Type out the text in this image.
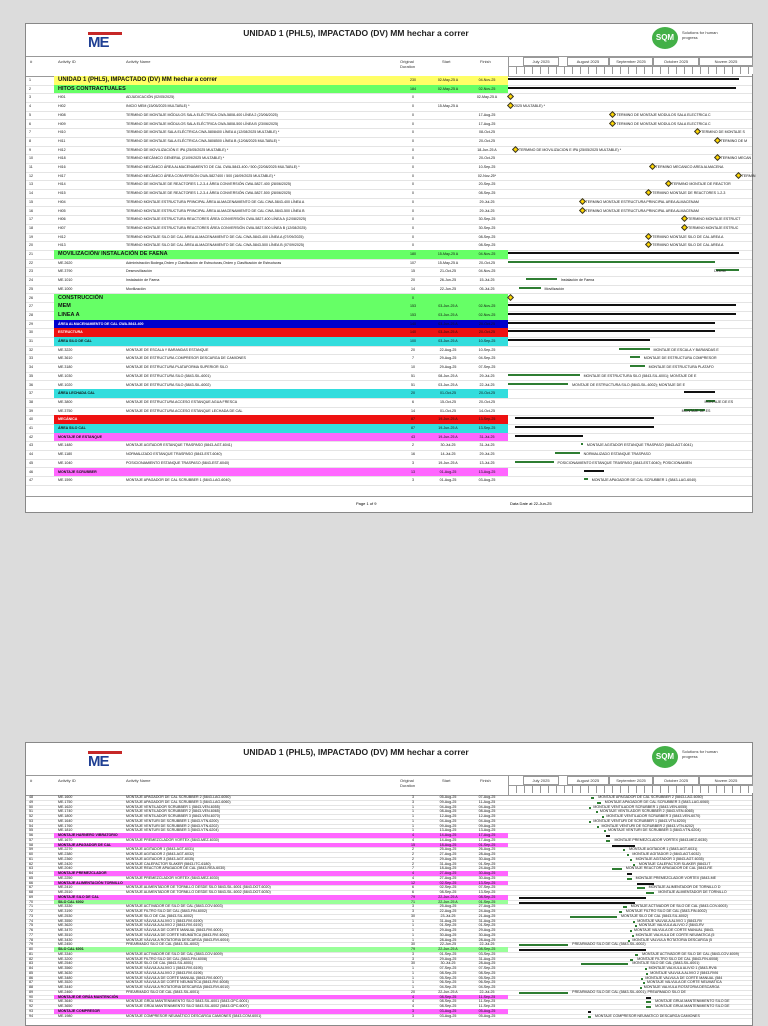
ME
UNIDAD 1 (PHL5), IMPACTADO (DV) MM hechar a correr	SQM
Solutions for human progress
#	Activity ID	Activity Name	Original Duration
Start	Finish	July 2025	August 2025	September 2025	October 2025	Novem 2025
1	UNIDAD 1 (PHL5), IMPACTADO (DV) MM hechar a correr	230	02-May-25 A	04-Nov-25
2	HITOS CONTRACTUALES	184	02-May-25 A	02-Nov-25
3	HI01	ADJUDICACIÓN (02/05/2025)	0	02-May-25 A
4	HI02	INICIO MEM (15/05/2025 MULTABLE) *	0	15-May-25 A	2025 MULTABLE) *
5	HI08	TERMINO DE MONTAJE MÓDULOS SALA ELÉCTRICA CWA-5808-400 LÍNEA 2 (23/06/2025)	0	17-Aug-25	TERMINO DE MONTAJE MODULOS SALA ELECTRICA C
6	HI09	TERMINO DE MONTAJE MÓDULOS SALA ELÉCTRICA CWA-5808-500 LÍNEA B (23/06/2025)	0	17-Aug-25	TERMINO DE MONTAJE MODULOS SALA ELECTRICA C
7	HI10	TERMINO DE MONTAJE SALA ELÉCTRICA CWA-5808400 LÍNEA A (12/08/2025 MULTABLE) *	0	08-Oct-25	TERMINO DE MONTAJE S
8	HI11	TERMINO DE MONTAJE SALA ELÉCTRICA CWA-5808500 LÍNEA B (12/08/2025 MULTABLE) *	0	20-Oct-25	TERMINO DE M
9	HI12	TERMINO DE MOVILIZACIÓN E IPA (25/05/2025 MULTABLE) *	0	18-Jun-25 A	TERMINO DE MOVILIZACION E IPA (25/05/2025 MULTABLE) *
10	HI18	TERMINO MECÁNICO GENERAL (21/09/2025 MULTABLE) *	0	20-Oct-25	TERMINO MECAN
11	HI16	TERMINO MECÁNICO ÁREA ALMACENAMIENTO DE CAL CWA-5843-400 / 500 (22/08/2025 MULTABLE) *	0	10-Sep-25	TERMINO MECANICO AREA ALMACENA
12	HI17	TERMINO MECÁNICO ÁREA CONVERSIÓN CWA-5827400 / 500 (16/09/2025 MULTABLE) *	0	02-Nov-25*	TERMIN
13	HI14	TERMINO DE MONTAJE DE REACTORES 1-2-3-4 ÁREA CONVERSIÓN CWA-5827-400 (28/06/2025)	0	20-Sep-25	TERMINO MONTAJE DE REACTOR
14	HI15	TERMINO DE MONTAJE DE REACTORES 1-2-3-4 ÁREA CONVERSIÓN CWA-5827-500 (28/06/2025)	0	08-Sep-25	TERMINO MONTAJE DE REACTORES 1-2-3
15	HI04	TERMINO MONTAJE ESTRUCTURA PRINCIPAL ÁREA ALMACENAMIENTO DE CAL CWA-5843-400 LÍNEA A	0	29-Jul-25	TERMINO MONTAJE ESTRUCTURA PRINCIPAL AREA ALMACENAM
16	HI05	TERMINO MONTAJE ESTRUCTURA PRINCIPAL ÁREA ALMACENAMIENTO DE CAL CWA-5843-500 LÍNEA B	0	29-Jul-25	TERMINO MONTAJE ESTRUCTURA PRINCIPAL AREA ALMACENAM
17	HI06	TERMINO MONTAJE ESTRUCTURA REACTORES ÁREA CONVERSIÓN CWA-5827-400 LÍNEA A (12/08/2025)	0	30-Sep-25	TERMINO MONTAJE ESTRUCT
18	HI07	TERMINO MONTAJE ESTRUCTURA REACTORES ÁREA CONVERSIÓN CWA-5827-500 LÍNEA B (12/08/2025)	0	30-Sep-25	TERMINO MONTAJE ESTRUC
19	HI12	TERMINO MONTAJE SILO DE CAL ÁREA ALMACENAMIENTO DE CAL CWA-5843-400 LÍNEA A (07/09/2025)	0	08-Sep-25	TERMINO MONTAJE SILO DE CAL AREA A
20	HI13	TERMINO MONTAJE SILO DE CAL ÁREA ALMACENAMIENTO DE CAL CWA-5843-500 LÍNEA B (07/09/2025)	0	08-Sep-25	TERMINO MONTAJE SILO DE CAL AREA A
21	MOVILIZACIÓN/ INSTALACIÓN DE FAENA	180	15-May-25 A	04-Nov-25
22	ME.2620	Administración Bodega,Orden y Clasificación de Estructuras,Orden y Clasificación de Estructuras	107	15-May-25 A	20-Oct-25
23	ME.3790	Desmovilización	15	21-Oct-25	04-Nov-25	Desmo
24	ME.1010	Instalación de Faena	20	26-Jun-25	15-Jul-25	Instalación de Faena
25	ME.1000	Movilización	14	22-Jun-25	05-Jul-25	Movilización
26	CONSTRUCCIÓN	0
27	MEM	153	03-Jun-25 A	02-Nov-25
28	LINEA A	153	03-Jun-25 A	02-Nov-25
29	ÁREA ALMACENAMIENTO DE CAL CWA-5843-400	140	03-Jun-25 A	20-Oct-25
30	ESTRUCTURA	140	03-Jun-25 A	20-Oct-25
31	ÁREA SILO DE CAL	100	03-Jun-25 A	10-Sep-25
32	ME.3220	MONTAJE DE ESCALA Y BARANDAS ESTANQUE	20	22-Aug-25	10-Sep-25	MONTAJE DE ESCALA Y BARANDAS E
33	ME.3610	MONTAJE DE ESTRUCTURA COMPRESOR DESCARGA DE CAMIONES	7	29-Aug-25	04-Sep-25	MONTAJE DE ESTRUCTURA COMPRESOR
34	ME.3180	MONTAJE DE ESTRUCTURA PLATAFORMA SUPERIOR SILO	10	29-Aug-25	07-Sep-25	MONTAJE DE ESTRUCTURA PLATAFO
35	ME.1030	MONTAJE DE ESTRUCTURA SILO (5843-SIL-6001)	51	08-Jun-25 A	29-Jul-25	MONTAJE DE ESTRUCTURA SILO (5843-SIL-6001); MONTAJE DE E
36	ME.1020	MONTAJE DE ESTRUCTURA SILO (5843-SIL-6002)	51	03-Jun-25 A	22-Jul-25	MONTAJE DE ESTRUCTURA SILO (5843-SIL-6002); MONTAJE DE E
37	ÁREA LECHADA CAL	20	01-Oct-25	20-Oct-25
38	ME.3800	MONTAJE DE ESTRUCTURA ACCESO ESTANQUE AGUA FRESCA	6	15-Oct-25	20-Oct-25	MONTAJE DE ES
39	ME.3750	MONTAJE DE ESTRUCTURA ACCESO ESTANQUE LECHADA DE CAL	14	01-Oct-25	14-Oct-25	MONTAJE DE ES
40	MECÁNICA	87	19-Jun-25 A	13-Sep-25
41	ÁREA SILO CAL	87	19-Jun-25 A	13-Sep-25
42	MONTAJE DE ESTANQUE	43	19-Jun-25 A	31-Jul-25
43	ME.1480	MONTAJE AGITADOR ESTANQUE TRASPASO (5843-AGT-6041)	2	30-Jul-25	31-Jul-25	MONTAJE AGITADOR ESTANQUE TRASPASO (5843-AGT-6041)
44	ME.1180	NORMALIZADO ESTANQUE TRASPASO (5843-EST-6040)	16	14-Jul-25	29-Jul-25	NORMALIZADO ESTANQUE TRASPASO
45	ME.1040	POSICIONAMIENTO ESTANQUE TRASPASO (5843-EST-6040)	3	19-Jun-25 A	13-Jul-25	POSICIONAMIENTO ESTANQUE TRASPASO (5843-EST-6040); POSICIONAMIEN
46	MONTAJE SCRUBBER	13	01-Aug-25	13-Aug-25
47	ME.1590	MONTAJE APAGADOR DE CAL SCRUBBER 1 (5843-LAG-6040)	3	01-Aug-25	03-Aug-25	MONTAJE APAGADOR DE CAL SCRUBBER 1 (5843-LAG-6040)
Page 1 of 9	Data Date at 22-Jun-25
ME
UNIDAD 1 (PHL5), IMPACTADO (DV) MM hechar a correr	SQM
Solutions for human progress
#	Activity ID	Activity Name	Original Duration
Start	Finish	July 2025	August 2025	September 2025	October 2025	Novem 2025
48	ME.1600	MONTAJE APAGADOR DE CAL SCRUBBER 2 (5843-LAG-6050)	3	05-Aug-25	07-Aug-25	MONTAJE APAGADOR DE CAL SCRUBBER 2 (5843-LAG-6050)
49	ME.1750	MONTAJE APAGADOR DE CAL SCRUBBER 3 (5843-LAG-6060)	3	09-Aug-25	11-Aug-25	MONTAJE APAGADOR DE CAL SCRUBBER 3 (5843-LAG-6060)
50	ME.1620	MONTAJE VENTILADOR SCRUBBER 1 (5843-VEN-6055)	1	04-Aug-25	04-Aug-25	MONTAJE VENTILADOR SCRUBBER 1 (5843-VEN-6055)
51	ME.1740	MONTAJE VENTILADOR SCRUBBER 2 (5843-VEN-6065)	1	08-Aug-25	08-Aug-25	MONTAJE VENTILADOR SCRUBBER 2 (5843-VEN-6065)
52	ME.1800	MONTAJE VENTILADOR SCRUBBER 3 (5843-VEN-6070)	1	12-Aug-25	12-Aug-25	MONTAJE VENTILADOR SCRUBBER 3 (5843-VEN-6070)
53	ME.1640	MONTAJE VENTURI DE SCRUBBER 1 (5843-VTN-6200)	1	04-Aug-25	04-Aug-25	MONTAJE VENTURI DE SCRUBBER 1 (5843-VTN-6200)
54	ME.1760	MONTAJE VENTURI DE SCRUBBER 2 (5843-VTN-6202)	1	09-Aug-25	09-Aug-25	MONTAJE VENTURI DE SCRUBBER 2 (5843-VTN-6202)
55	ME.1810	MONTAJE VENTURI DE SCRUBBER 3 (5843-VTN-6204)	1	13-Aug-25	13-Aug-25	MONTAJE VENTURI DE SCRUBBER 3 (5843-VTN-6204)
56	MONTAJE HARNERO VIBRATORIO	4	14-Aug-25	17-Aug-25
57	ME.1670	MONTAJE PREMEZCLADOR VORTEX (5843-MEZ-6030)	4	14-Aug-25	17-Aug-25	MONTAJE PREMEZCLADOR VORTEX (5843-MEZ-6030)
58	MONTAJE APAGADOR DE CAL	15	18-Aug-25	01-Sep-25
59	ME.2270	MONTAJE AGITADOR 1 (5843-AGT-6031)	2	25-Aug-25	26-Aug-25	MONTAJE AGITADOR 1 (5843-AGT-6031)
60	ME.2380	MONTAJE AGITADOR 2 (5843-AGT-6032)	2	27-Aug-25	28-Aug-25	MONTAJE AGITADOR 2 (5843-AGT-6032)
61	ME.2360	MONTAJE AGITADOR 3 (5843-AGT-6035)	2	29-Aug-25	30-Aug-25	MONTAJE AGITADOR 3 (5843-AGT-6035)
62	ME.2420	MONTAJE CALEFACTOR SLAKER (5843-ITC-6180)	2	31-Aug-25	01-Sep-25	MONTAJE CALEFACTOR SLAKER (5843-IT
63	ME.2040	MONTAJE REACTOR APAGADOR DE CAL (5843-REA-6030)	7	18-Aug-25	24-Aug-25	MONTAJE REACTOR APAGADOR DE CAL (5843-RE
64	MONTAJE PREMEZCLADOR	4	27-Aug-25	30-Aug-25
65	ME.2250	MONTAJE PREMEZCLADOR VORTEX (5843-MEZ-6030)	4	27-Aug-25	30-Aug-25	MONTAJE PREMEZCLADOR VORTEX (5843-ME
66	MONTAJE ALIMENTACIÓN TORNILLO	12	02-Sep-25	13-Sep-25
67	ME.2410	MONTAJE ALIMENTADOR DE TORNILLO DESDE SILO 5843-SIL-6001 (5843-DOT-6020)	6	02-Sep-25	07-Sep-25	MONTAJE ALIMENTADOR DE TORNILLO D
68	ME.2510	MONTAJE ALIMENTADOR DE TORNILLO DESDE SILO 5843-SIL-6002 (5843-DOT-6030)	6	08-Sep-25	13-Sep-25	MONTAJE ALIMENTADOR DE TORNILLO
69	MONTAJE SILO DE CAL	79	22-Jun-25 A	08-Sep-25
70	SILO CAL 6002	71	22-Jun-25 A	01-Sep-25
71	ME.3330	MONTAJE ACTIVADOR DE SILO DE CAL (5843-COV-6003)	3	25-Aug-25	27-Aug-25	MONTAJE ACTIVADOR DE SILO DE CAL (5843-COV-6003)
72	ME.3190	MONTAJE FILTRO SILO DE CAL (5843-FIN-6002)	3	22-Aug-25	24-Aug-25	MONTAJE FILTRO SILO DE CAL (5843-FIN-6002)
73	ME.2530	MONTAJE SILO DE CAL (5843-SIL-6002)	30	23-Jul-25	21-Aug-25	MONTAJE SILO DE CAL (5843-SIL-6002)
74	ME.3550	MONTAJE VÁLVULA ALIVIO 1 (5843-RVI-6190)	1	31-Aug-25	31-Aug-25	MONTAJE VALVULA ALIVIO 1 (5843-RV
75	ME.3620	MONTAJE VÁLVULA ALIVIO 2 (5843-RVI-6192)	1	01-Sep-25	01-Sep-25	MONTAJE VALVULA ALIVIO 2 (5843-RV
76	ME.3470	MONTAJE VÁLVULA DE CORTE MANUAL (5843-RVI-6001)	1	29-Aug-25	29-Aug-25	MONTAJE VALVULA DE CORTE MANUAL (5843-
77	ME.3510	MONTAJE VÁLVULA DE CORTE NEUMÁTICA (5843-RVI-6002)	1	30-Aug-25	30-Aug-25	MONTAJE VALVULA DE CORTE NEUMATICA (5
78	ME.3430	MONTAJE VÁLVULA ROTATORIA DESCARGA (5843-RVI-6004)	1	28-Aug-25	28-Aug-25	MONTAJE VALVULA ROTATORIA DESCARGA (5
79	ME.2450	PREARMADO SILO DE CAL (5843-SIL-6002)	30	22-Jun-25	22-Jul-25	PREARMADO SILO DE CAL (5843-SIL-6002)
80	SILO CAL 6001	79	22-Jun-25 A	08-Sep-25
81	ME.3340	MONTAJE ACTIVADOR DE SILO DE CAL (5843-COV-6009)	3	01-Sep-25	03-Sep-25	MONTAJE ACTIVADOR DE SILO DE CAL (5843-COV-6009)
82	ME.3200	MONTAJE FILTRO SILO DE CAL (5843-FIN-6008)	3	29-Aug-25	31-Aug-25	MONTAJE FILTRO SILO DE CAL (5843-FIN-6008)
83	ME.2540	MONTAJE SILO DE CAL (5843-SIL-6001)	30	30-Jul-25	28-Aug-25	MONTAJE SILO DE CAL (5843-SIL-6001)
84	ME.3560	MONTAJE VÁLVULA ALIVIO 1 (5843-RVI-6195)	1	07-Sep-25	07-Sep-25	MONTAJE VALVULA ALIVIO 1 (5843-RVI6
85	ME.3630	MONTAJE VÁLVULA ALIVIO 2 (5843-RVI-6196)	1	08-Sep-25	08-Sep-25	MONTAJE VALVULA ALIVIO 2 (5843-RVI6
86	ME.3480	MONTAJE VÁLVULA DE CORTE MANUAL (5843-RVI-6007)	1	05-Sep-25	05-Sep-25	MONTAJE VALVULA DE CORTE MANUAL (584
87	ME.3520	MONTAJE VÁLVULA DE CORTE NEUMÁTICA (5843-RVI-6008)	1	06-Sep-25	06-Sep-25	MONTAJE VALVULA DE CORTE NEUMATICA
88	ME.3440	MONTAJE VÁLVULA ROTATORIA DESCARGA (5843-RVI-6010)	1	04-Sep-25	04-Sep-25	MONTAJE VALVULA ROTATORIA DESCARGA
89	ME.2460	PREARMADO SILO DE CAL (5843-SIL-6001)	20	22-Jun-25 A	22-Jul-25	PREARMADO SILO DE CAL (5843-SIL-6001); PREARMADO SILO DE
90	MONTAJE DE GRÚA MANTENCIÓN	4	08-Sep-25	11-Sep-25
91	ME.3640	MONTAJE GRÚA MANTENIMIENTO SILO 5843-SIL-6001 (5843-GPC-6001)	4	08-Sep-25	11-Sep-25	MONTAJE GRUA MANTENIMIENTO SILO DE
92	ME.3650	MONTAJE GRÚA MANTENIMIENTO SILO 5843-SIL-6002 (5843-GPC-6007)	4	08-Sep-25	11-Sep-25	MONTAJE GRUA MANTENIMIENTO SILO DE
93	MONTAJE COMPRESOR	3	03-Aug-25	05-Aug-25
94	ME.1980	MONTAJE COMPRESOR NEUMÁTICO DESCARGA CAMIONES (5843-COM-6001)	3	03-Aug-25	05-Aug-25	MONTAJE COMPRESOR NEUMATICO DESCARGA CAMIONES
